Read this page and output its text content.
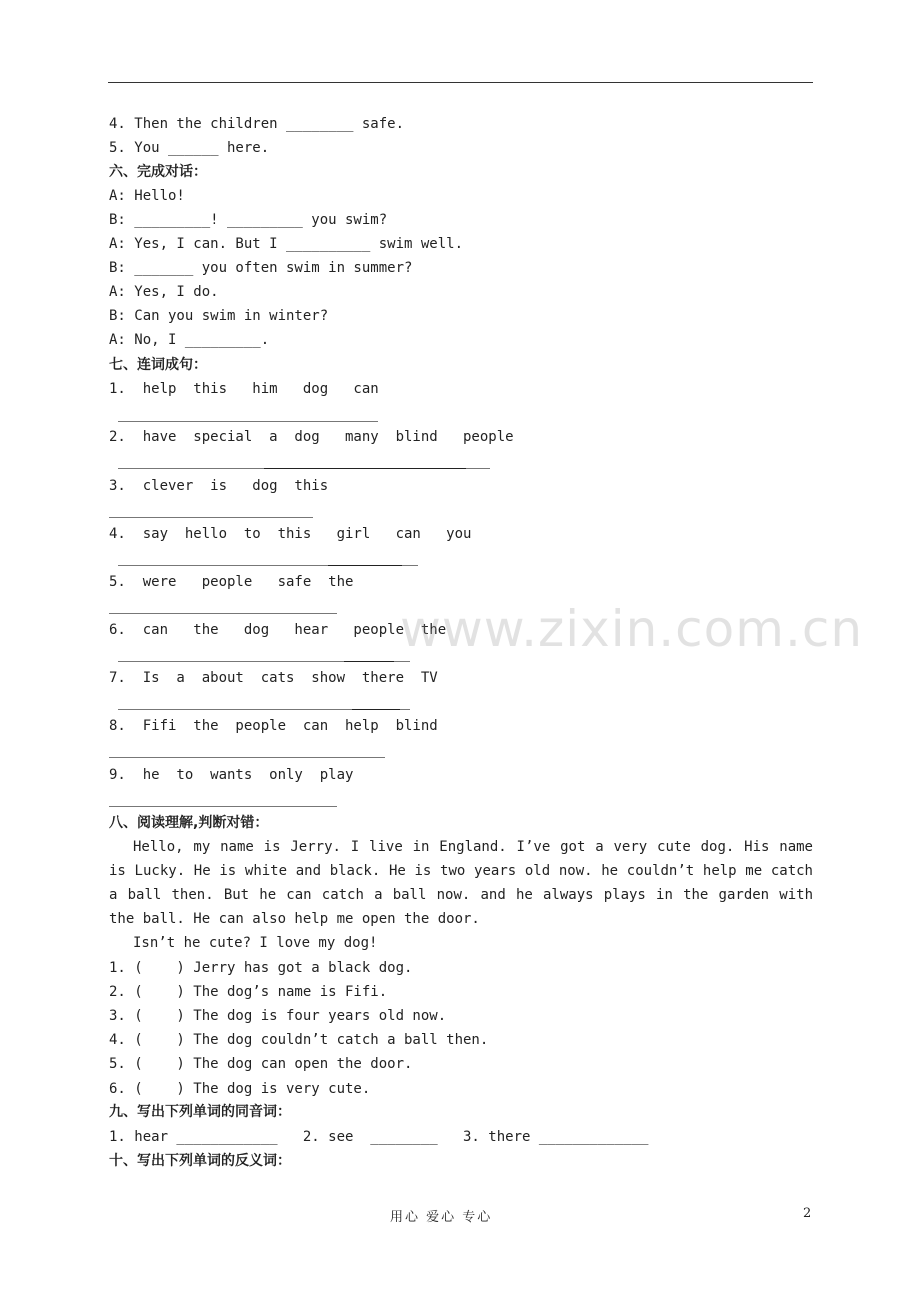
4. Then the children ________ safe.
5. You ______ here.
六、完成对话：
A: Hello!
B: _________! _________ you swim?
A: Yes, I can. But I __________ swim well.
B: _______ you often swim in summer?
A: Yes, I do.
B: Can you swim in winter?
A: No, I _________.
七、连词成句：
1.  help  this   him   dog   can
2.  have  special  a  dog   many  blind   people
3.  clever  is   dog  this
4.  say  hello  to  this   girl   can   you
5.  were   people   safe  the
6.  can   the   dog   hear   people  the
7.  Is  a  about  cats  show  there  TV
8.  Fifi  the  people  can  help  blind
9.  he  to  wants  only  play
八、阅读理解,判断对错：
Hello, my name is Jerry. I live in England. I’ve got a very cute dog. His name is Lucky. He is white and black. He is two years old now. he couldn’t help me catch a ball then. But he can catch a ball now. and he always plays in the garden with the ball. He can also help me open the door.
Isn’t he cute? I love my dog!
1. (    ) Jerry has got a black dog.
2. (    ) The dog’s name is Fifi.
3. (    ) The dog is four years old now.
4. (    ) The dog couldn’t catch a ball then.
5. (    ) The dog can open the door.
6. (    ) The dog is very cute.
九、写出下列单词的同音词：
1. hear ____________   2. see  ________   3. there _____________
十、写出下列单词的反义词：
www.zixin.com.cn
用心 爱心 专心	2
